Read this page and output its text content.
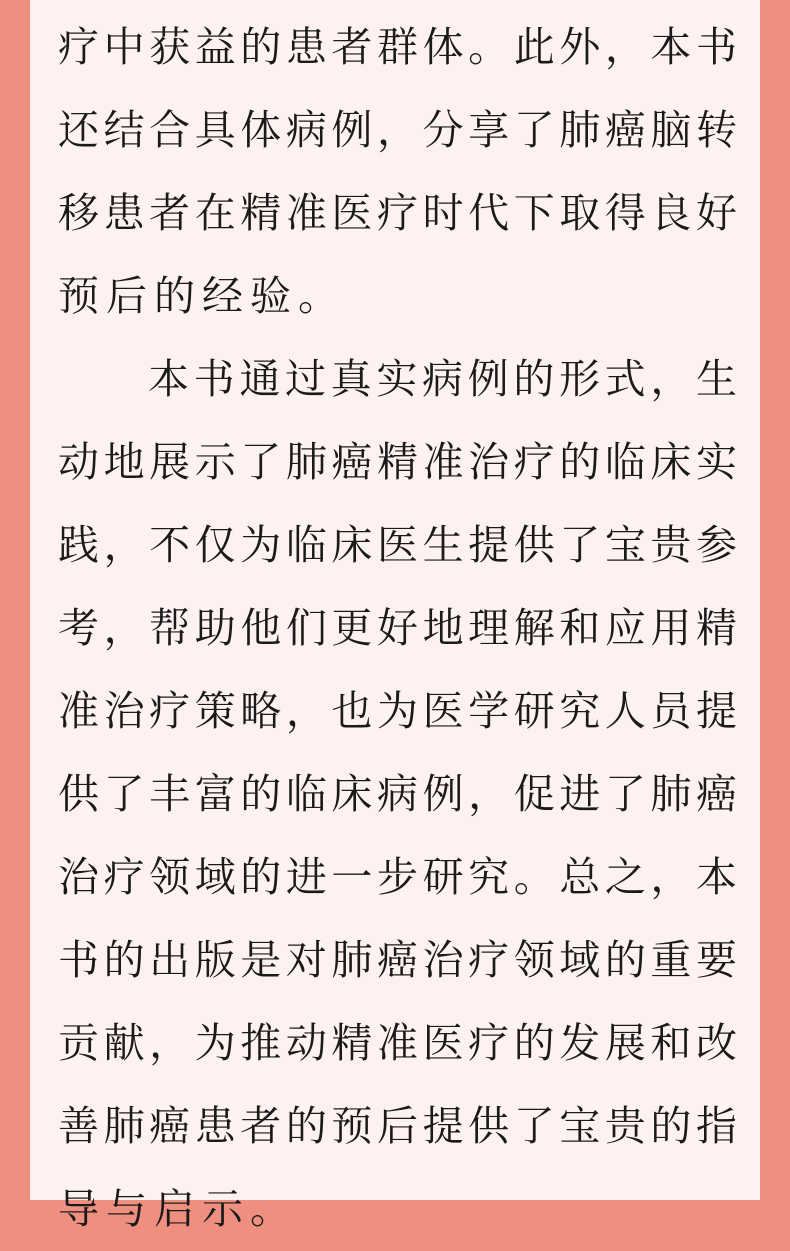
疗中获益的患者群体。此外，本书
还结合具体病例，分享了肺癌脑转
移患者在精准医疗时代下取得良好
预后的经验。
本书通过真实病例的形式，生
动地展示了肺癌精准治疗的临床实
践，不仅为临床医生提供了宝贵参
考，帮助他们更好地理解和应用精
准治疗策略，也为医学研究人员提
供了丰富的临床病例，促进了肺癌
治疗领域的进一步研究。总之，本
书的出版是对肺癌治疗领域的重要
贡献，为推动精准医疗的发展和改
善肺癌患者的预后提供了宝贵的指
导与启示。
